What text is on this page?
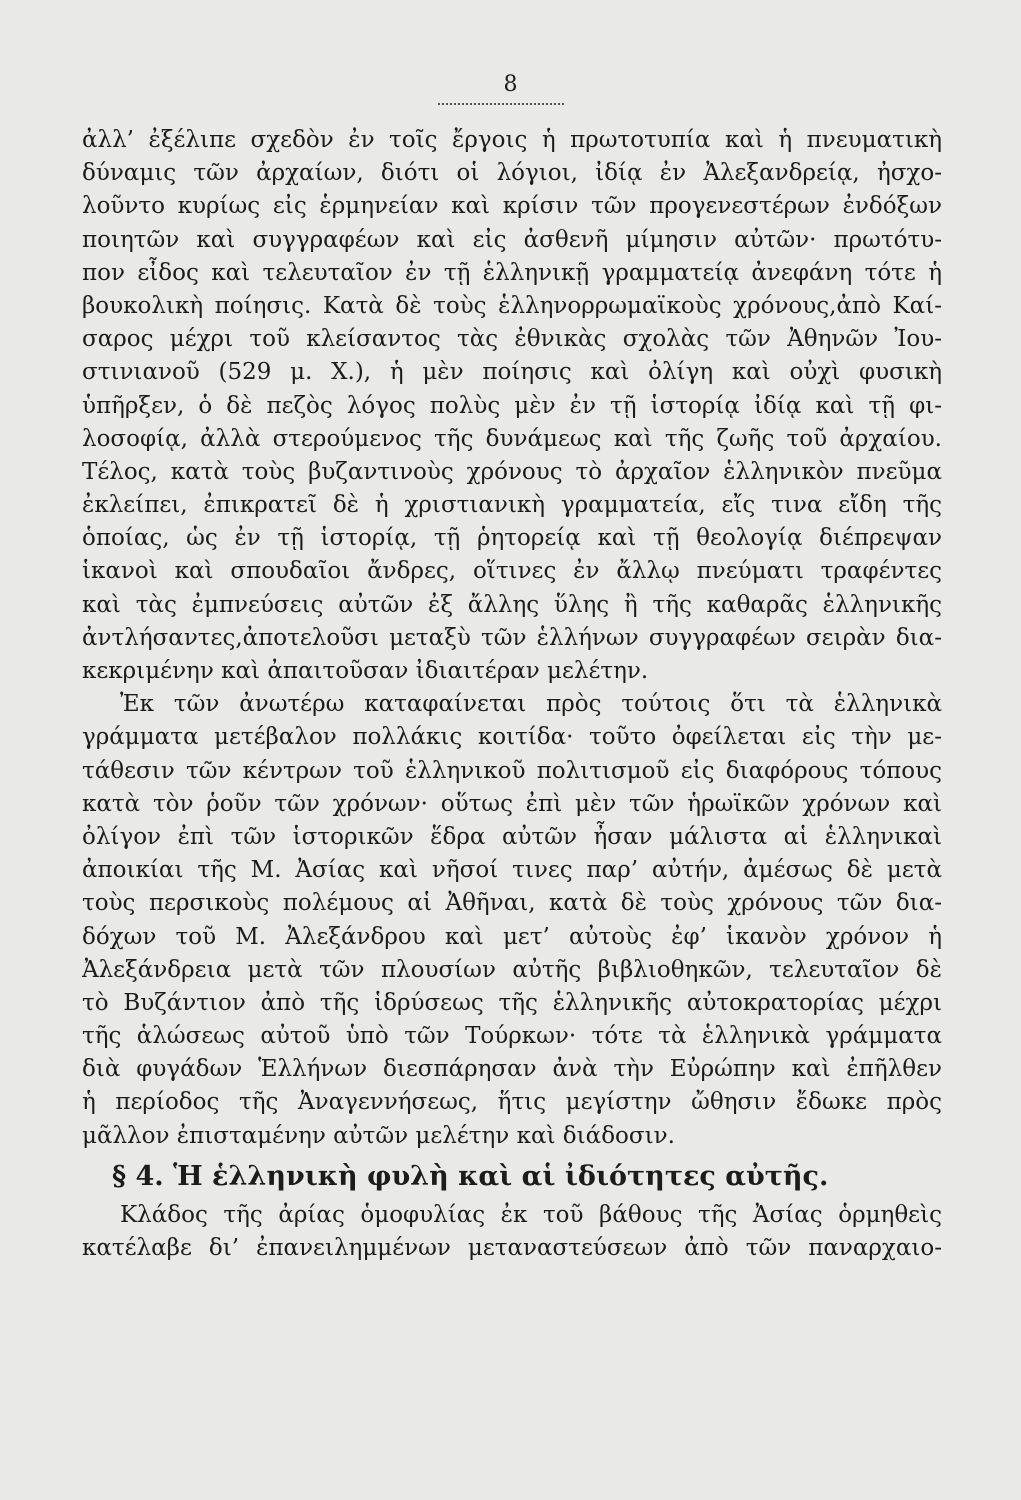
8
ἀλλ’ ἐξέλιπε σχεδὸν ἐν τοῖς ἔργοις ἡ πρωτοτυπία καὶ ἡ πνευματικὴ
δύναμις τῶν ἀρχαίων, διότι οἱ λόγιοι, ἰδίᾳ ἐν Ἀλεξανδρείᾳ, ἠσχο-
λοῦντο κυρίως εἰς ἑρμηνείαν καὶ κρίσιν τῶν προγενεστέρων ἐνδόξων
ποιητῶν καὶ συγγραφέων καὶ εἰς ἀσθενῆ μίμησιν αὐτῶν· πρωτότυ-
πον εἶδος καὶ τελευταῖον ἐν τῇ ἑλληνικῇ γραμματείᾳ ἀνεφάνη τότε ἡ
βουκολικὴ ποίησις. Κατὰ δὲ τοὺς ἑλληνορρωμαϊκοὺς χρόνους,ἀπὸ Καί-
σαρος μέχρι τοῦ κλείσαντος τὰς ἐθνικὰς σχολὰς τῶν Ἀθηνῶν Ἰου-
στινιανοῦ (529 μ. Χ.), ἡ μὲν ποίησις καὶ ὀλίγη καὶ οὐχὶ φυσικὴ
ὑπῆρξεν, ὁ δὲ πεζὸς λόγος πολὺς μὲν ἐν τῇ ἱστορίᾳ ἰδίᾳ καὶ τῇ φι-
λοσοφίᾳ, ἀλλὰ στερούμενος τῆς δυνάμεως καὶ τῆς ζωῆς τοῦ ἀρχαίου.
Τέλος, κατὰ τοὺς βυζαντινοὺς χρόνους τὸ ἀρχαῖον ἑλληνικὸν πνεῦμα
ἐκλείπει, ἐπικρατεῖ δὲ ἡ χριστιανικὴ γραμματεία, εἴς τινα εἴδη τῆς
ὁποίας, ὡς ἐν τῇ ἱστορίᾳ, τῇ ῥητορείᾳ καὶ τῇ θεολογίᾳ διέπρεψαν
ἱκανοὶ καὶ σπουδαῖοι ἄνδρες, οἵτινες ἐν ἄλλῳ πνεύματι τραφέντες
καὶ τὰς ἐμπνεύσεις αὐτῶν ἐξ ἄλλης ὕλης ἢ τῆς καθαρᾶς ἑλληνικῆς
ἀντλήσαντες,ἀποτελοῦσι μεταξὺ τῶν ἑλλήνων συγγραφέων σειρὰν δια-
κεκριμένην καὶ ἀπαιτοῦσαν ἰδιαιτέραν μελέτην.
Ἐκ τῶν ἀνωτέρω καταφαίνεται πρὸς τούτοις ὅτι τὰ ἑλληνικὰ
γράμματα μετέβαλον πολλάκις κοιτίδα· τοῦτο ὀφείλεται εἰς τὴν με-
τάθεσιν τῶν κέντρων τοῦ ἑλληνικοῦ πολιτισμοῦ εἰς διαφόρους τόπους
κατὰ τὸν ῥοῦν τῶν χρόνων· οὕτως ἐπὶ μὲν τῶν ἡρωϊκῶν χρόνων καὶ
ὀλίγον ἐπὶ τῶν ἱστορικῶν ἕδρα αὐτῶν ἦσαν μάλιστα αἱ ἑλληνικαὶ
ἀποικίαι τῆς Μ. Ἀσίας καὶ νῆσοί τινες παρ’ αὐτήν, ἀμέσως δὲ μετὰ
τοὺς περσικοὺς πολέμους αἱ Ἀθῆναι, κατὰ δὲ τοὺς χρόνους τῶν δια-
δόχων τοῦ Μ. Ἀλεξάνδρου καὶ μετ’ αὐτοὺς ἐφ’ ἱκανὸν χρόνον ἡ
Ἀλεξάνδρεια μετὰ τῶν πλουσίων αὐτῆς βιβλιοθηκῶν, τελευταῖον δὲ
τὸ Βυζάντιον ἀπὸ τῆς ἱδρύσεως τῆς ἑλληνικῆς αὐτοκρατορίας μέχρι
τῆς ἁλώσεως αὐτοῦ ὑπὸ τῶν Τούρκων· τότε τὰ ἑλληνικὰ γράμματα
διὰ φυγάδων Ἑλλήνων διεσπάρησαν ἀνὰ τὴν Εὐρώπην καὶ ἐπῆλθεν
ἡ περίοδος τῆς Ἀναγεννήσεως, ἥτις μεγίστην ὤθησιν ἔδωκε πρὸς
μᾶλλον ἐπισταμένην αὐτῶν μελέτην καὶ διάδοσιν.
§ 4. Ἡ ἑλληνικὴ φυλὴ καὶ αἱ ἰδιότητες αὐτῆς.
Κλάδος τῆς ἀρίας ὁμοφυλίας ἐκ τοῦ βάθους τῆς Ἀσίας ὁρμηθεὶς
κατέλαβε δι’ ἐπανειλημμένων μεταναστεύσεων ἀπὸ τῶν παναρχαιο-
